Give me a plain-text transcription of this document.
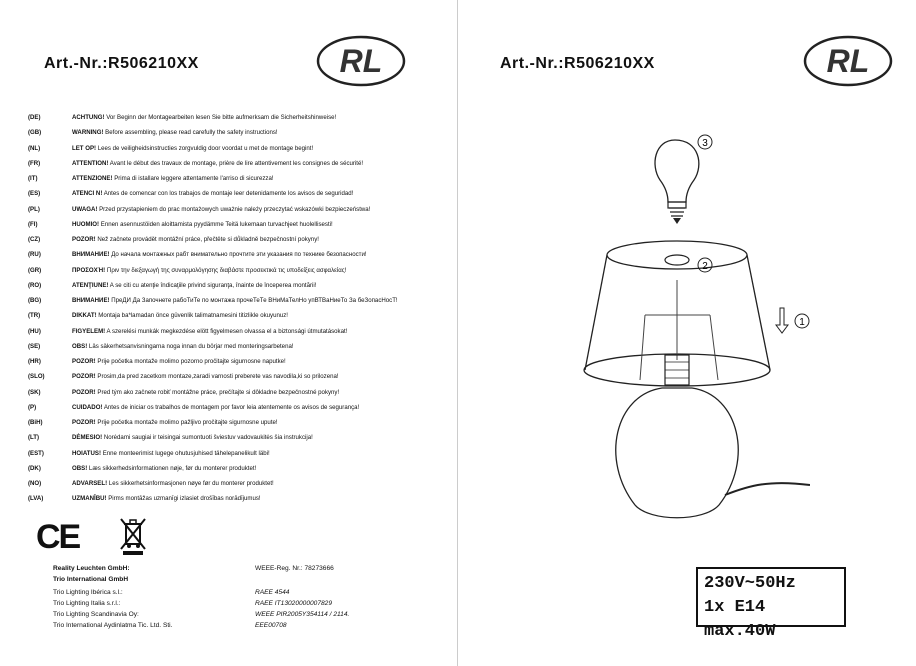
Art.-Nr.:R506210XX	RL
(DE)	ACHTUNG! Vor Beginn der Montagearbeiten lesen Sie bitte aufmerksam die Sicherheitshinweise!
(GB)	WARNING! Before assembling, please read carefully the safety instructions!
(NL)	LET OP! Lees de veiligheidsinstructies zorgvuldig door voordat u met de montage begint!
(FR)	ATTENTION! Avant le début des travaux de montage, prière de lire attentivement les consignes de sécurité!
(IT)	ATTENZIONE! Prima di istallare leggere attentamente l'arriso di sicurezza!
(ES)	ATENCI N! Antes de comencar con los trabajos de montaje leer detenidamente los avisos de seguridad!
(PL)	UWAGA! Przed przystapieniem do prac montażowych uważnie należy przeczytać wskazówki bezpieczeństwa!
(FI)	HUOMIO! Ennen asennustöiden aloittamista pyydämme Teitä lukemaan turvachjeet huolellisesti!
(CZ)	POZOR! Než začnete provádět montážní práce, přečtěte si důkladně bezpečnostní pokyny!
(RU)	ВНИМАНИЕ! До начала монтажных рабт внимательно прочтите эти указания по технике безопасности!
(GR)	ΠΡΟΣΟΧΉ! Πριν την διεξαγωγή της συναρμολόγησης διαβάστε προσεκτικά τις υποδείξεις ασφαλείας!
(RO)	ATENŢIUNE! A se citi cu atenţie îndicaţiile privind siguranţa, înainte de începerea montării!
(BG)	ВНИМАНИЕ! ПреДИ Да Започнете рабоТиТе по монтажа прочеТеТе ВНиМаТелНо упВТВаНиеТо За беЗопасНосТ!
(TR)	DIKKAT! Montaja ba*lamadan önce güvenlik talimatnamesini titizlikle okuyunuz!
(HU)	FIGYELEM! A szerelési munkák megkezdése elött figyelmesen olvassa el a biztonsági útmutatásokat!
(SE)	OBS! Läs säkerhetsanvisningarna noga innan du börjar med monteringsarbetena!
(HR)	POZOR! Prije početka montaže molimo pozorno pročitajte sigurnosne naputke!
(SLO)	POZOR! Prosim,da pred zacetkom montaze,zaradi varnosti preberete vas navodila,ki so prilozena!
(SK)	POZOR! Pred tým ako začnete robiť montážne práce, prečítajte si dôkladne bezpečnostné pokyny!
(P)	CUIDADO! Antes de iniciar os trabalhos de montagem por favor leia atentemente os avisos de segurança!
(BiH)	POZOR! Prije početka montaže molimo pažljivo pročitajte sigurnosne upute!
(LT)	DĖMESIO! Norėdami saugiai ir teisingai sumontuoti šviestuv vadovaukitės šia instrukcija!
(EST)	HOIATUS! Enne monteerimist lugege ohutusjuhised tähelepanelikult läbi!
(DK)	OBS! Læs sikkerhedsinformationen nøje, før du monterer produktet!
(NO)	ADVARSEL! Les sikkerhetsinformasjonen nøye før du monterer produktet!
(LVA)	UZMANĪBU! Pirms montāžas uzmanīgi izlasiet drošības norādījumus!
CE
Reality Leuchten GmbH:	WEEE-Reg. Nr.: 78273666
Trio International GmbH
Trio Lighting Ibérica s.l.:	RAEE 4544
Trio Lighting Italia s.r.l.:	RAEE IT13020000007829
Trio Lighting Scandinavia Oy:	WEEE PIR2005Y354114 / 2114.
Trio International Aydinlatma Tic. Ltd. Sti.	EEE00708
Art.-Nr.:R506210XX	RL
3
2
1
230V~50Hz
1x E14 max.40W
